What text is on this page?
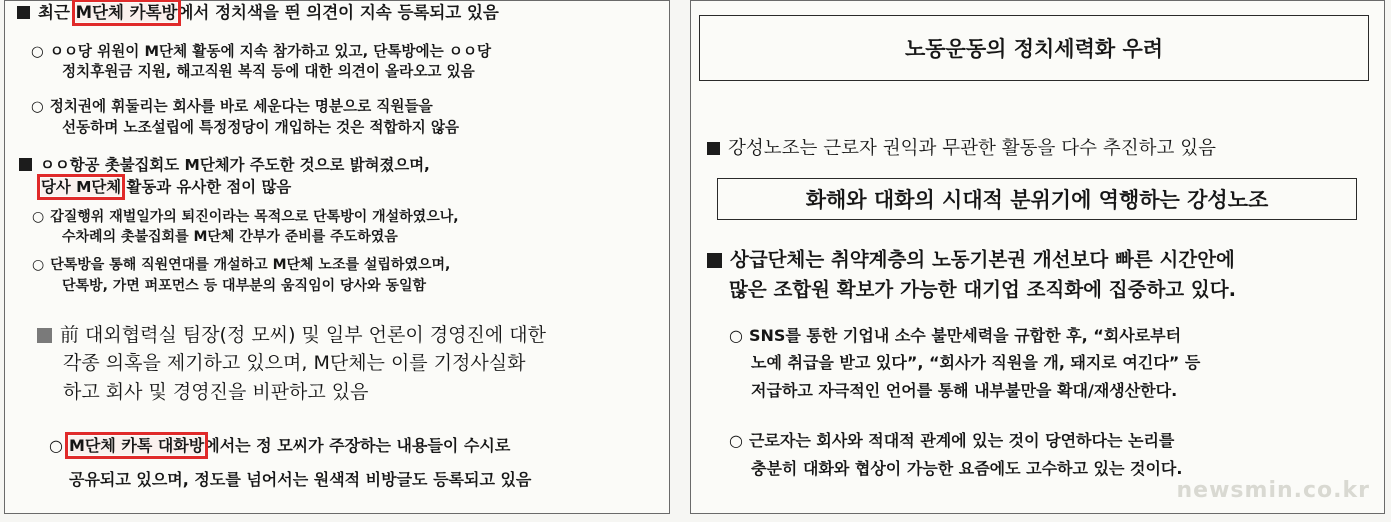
최근 M단체 카톡방에서 정치색을 띈 의견이 지속 등록되고 있음
○ ㅇㅇ당 위원이 M단체 활동에 지속 참가하고 있고, 단톡방에는 ㅇㅇ당
정치후원금 지원, 해고직원 복직 등에 대한 의견이 올라오고 있음
○ 정치권에 휘둘리는 회사를 바로 세운다는 명분으로 직원들을
선동하며 노조설립에 특정정당이 개입하는 것은 적합하지 않음
ㅇㅇ항공 촛불집회도 M단체가 주도한 것으로 밝혀졌으며,
당사 M단체 활동과 유사한 점이 많음
○ 갑질행위 재벌일가의 퇴진이라는 목적으로 단톡방이 개설하였으나,
수차례의 촛불집회를 M단체 간부가 준비를 주도하였음
○ 단톡방을 통해 직원연대를 개설하고 M단체 노조를 설립하였으며,
단톡방, 가면 퍼포먼스 등 대부분의 움직임이 당사와 동일함
前 대외협력실 팀장(정 모씨) 및 일부 언론이 경영진에 대한
각종 의혹을 제기하고 있으며, M단체는 이를 기정사실화
하고 회사 및 경영진을 비판하고 있음
○ M단체 카톡 대화방에서는 정 모씨가 주장하는 내용들이 수시로
공유되고 있으며, 정도를 넘어서는 원색적 비방글도 등록되고 있음
노동운동의 정치세력화 우려
강성노조는 근로자 권익과 무관한 활동을 다수 추진하고 있음
화해와 대화의 시대적 분위기에 역행하는 강성노조
상급단체는 취약계층의 노동기본권 개선보다 빠른 시간안에
많은 조합원 확보가 가능한 대기업 조직화에 집중하고 있다.
○ SNS를 통한 기업내 소수 불만세력을 규합한 후, “회사로부터
노예 취급을 받고 있다”, “회사가 직원을 개, 돼지로 여긴다” 등
저급하고 자극적인 언어를 통해 내부불만을 확대/재생산한다.
○ 근로자는 회사와 적대적 관계에 있는 것이 당연하다는 논리를
충분히 대화와 협상이 가능한 요즘에도 고수하고 있는 것이다.
newsmin.co.kr
